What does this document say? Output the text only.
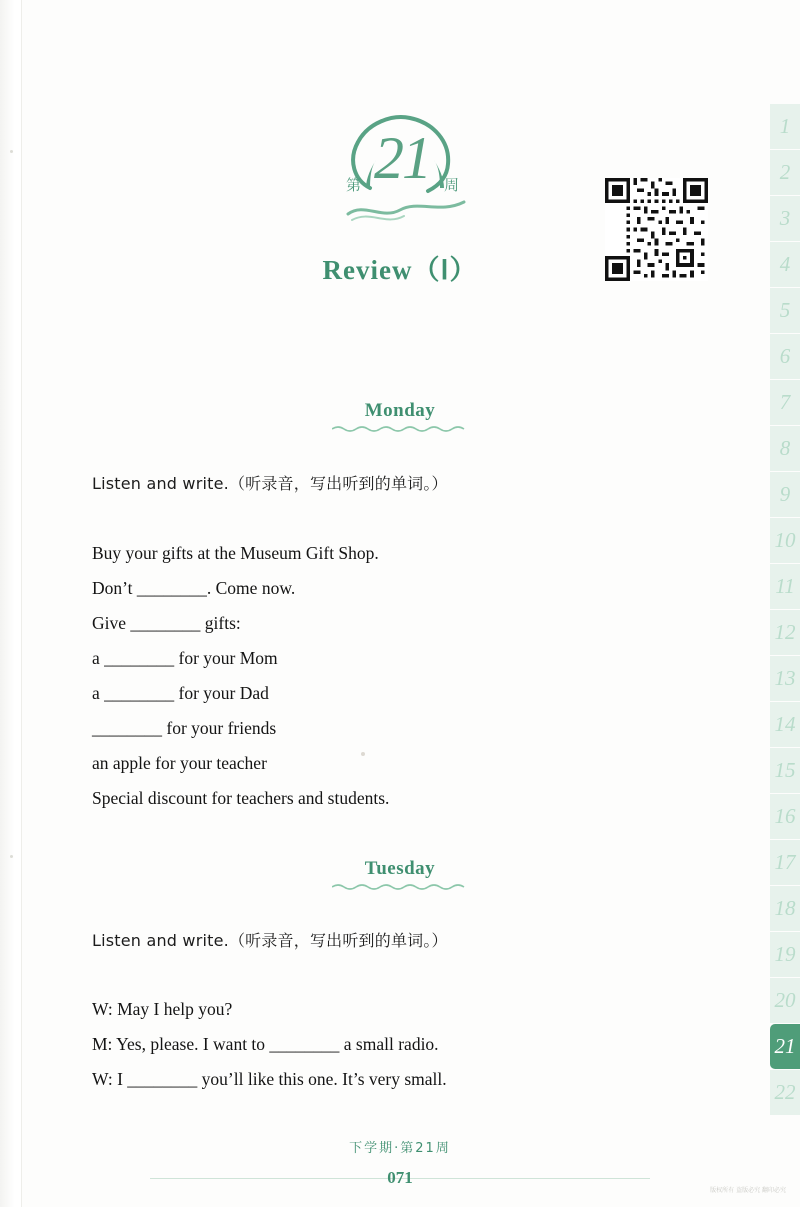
21
第	周
Review（Ⅰ）
1
2
3
4
5
6
7
8
9
10
11
12
13
14
15
16
17
18
19
20
21
22
Monday
Listen and write.（听录音，写出听到的单词。）
Buy your gifts at the Museum Gift Shop.
Don’t ________. Come now.
Give ________ gifts:
a ________ for your Mom
a ________ for your Dad
________ for your friends
an apple for your teacher
Special discount for teachers and students.
Tuesday
Listen and write.（听录音，写出听到的单词。）
W: May I help you?
M: Yes, please. I want to ________ a small radio.
W: I ________ you’ll like this one. It’s very small.
下学期·第21周
071
版权所有 盗版必究 翻印必究
